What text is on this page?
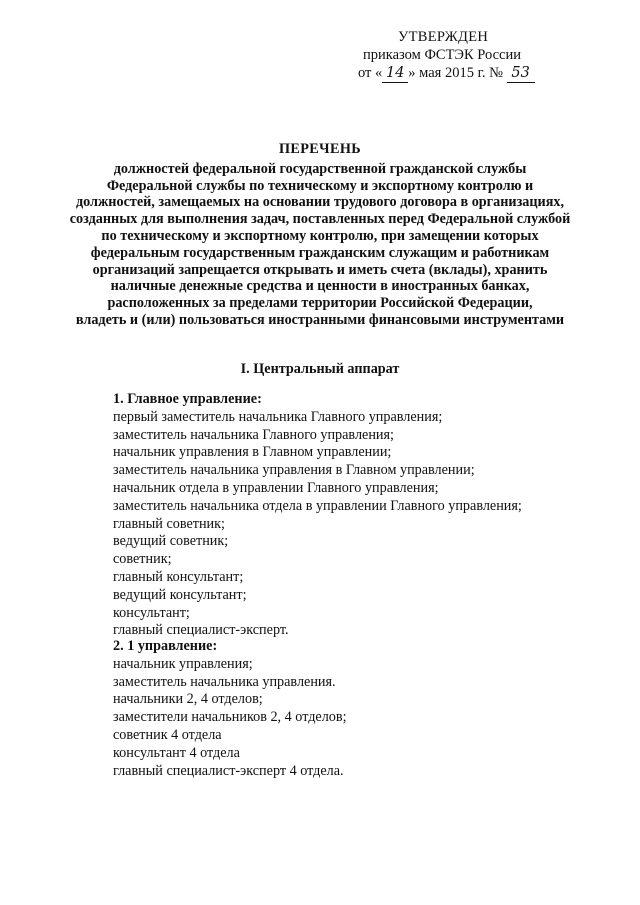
УТВЕРЖДЕН
приказом ФСТЭК России
от « 14 » мая 2015 г. № 53
ПЕРЕЧЕНЬ
должностей федеральной государственной гражданской службы
Федеральной службы по техническому и экспортному контролю и
должностей, замещаемых на основании трудового договора в организациях,
созданных для выполнения задач, поставленных перед Федеральной службой
по техническому и экспортному контролю, при замещении которых
федеральным государственным гражданским служащим и работникам
организаций запрещается открывать и иметь счета (вклады), хранить
наличные денежные средства и ценности в иностранных банках,
расположенных за пределами территории Российской Федерации,
владеть и (или) пользоваться иностранными финансовыми инструментами
I. Центральный аппарат
1. Главное управление:
первый заместитель начальника Главного управления;
заместитель начальника Главного управления;
начальник управления в Главном управлении;
заместитель начальника управления в Главном управлении;
начальник отдела в управлении Главного управления;
заместитель начальника отдела в управлении Главного управления;
главный советник;
ведущий советник;
советник;
главный консультант;
ведущий консультант;
консультант;
главный специалист-эксперт.
2. 1 управление:
начальник управления;
заместитель начальника управления.
начальники 2, 4 отделов;
заместители начальников 2, 4 отделов;
советник 4 отдела
консультант 4 отдела
главный специалист-эксперт 4 отдела.
